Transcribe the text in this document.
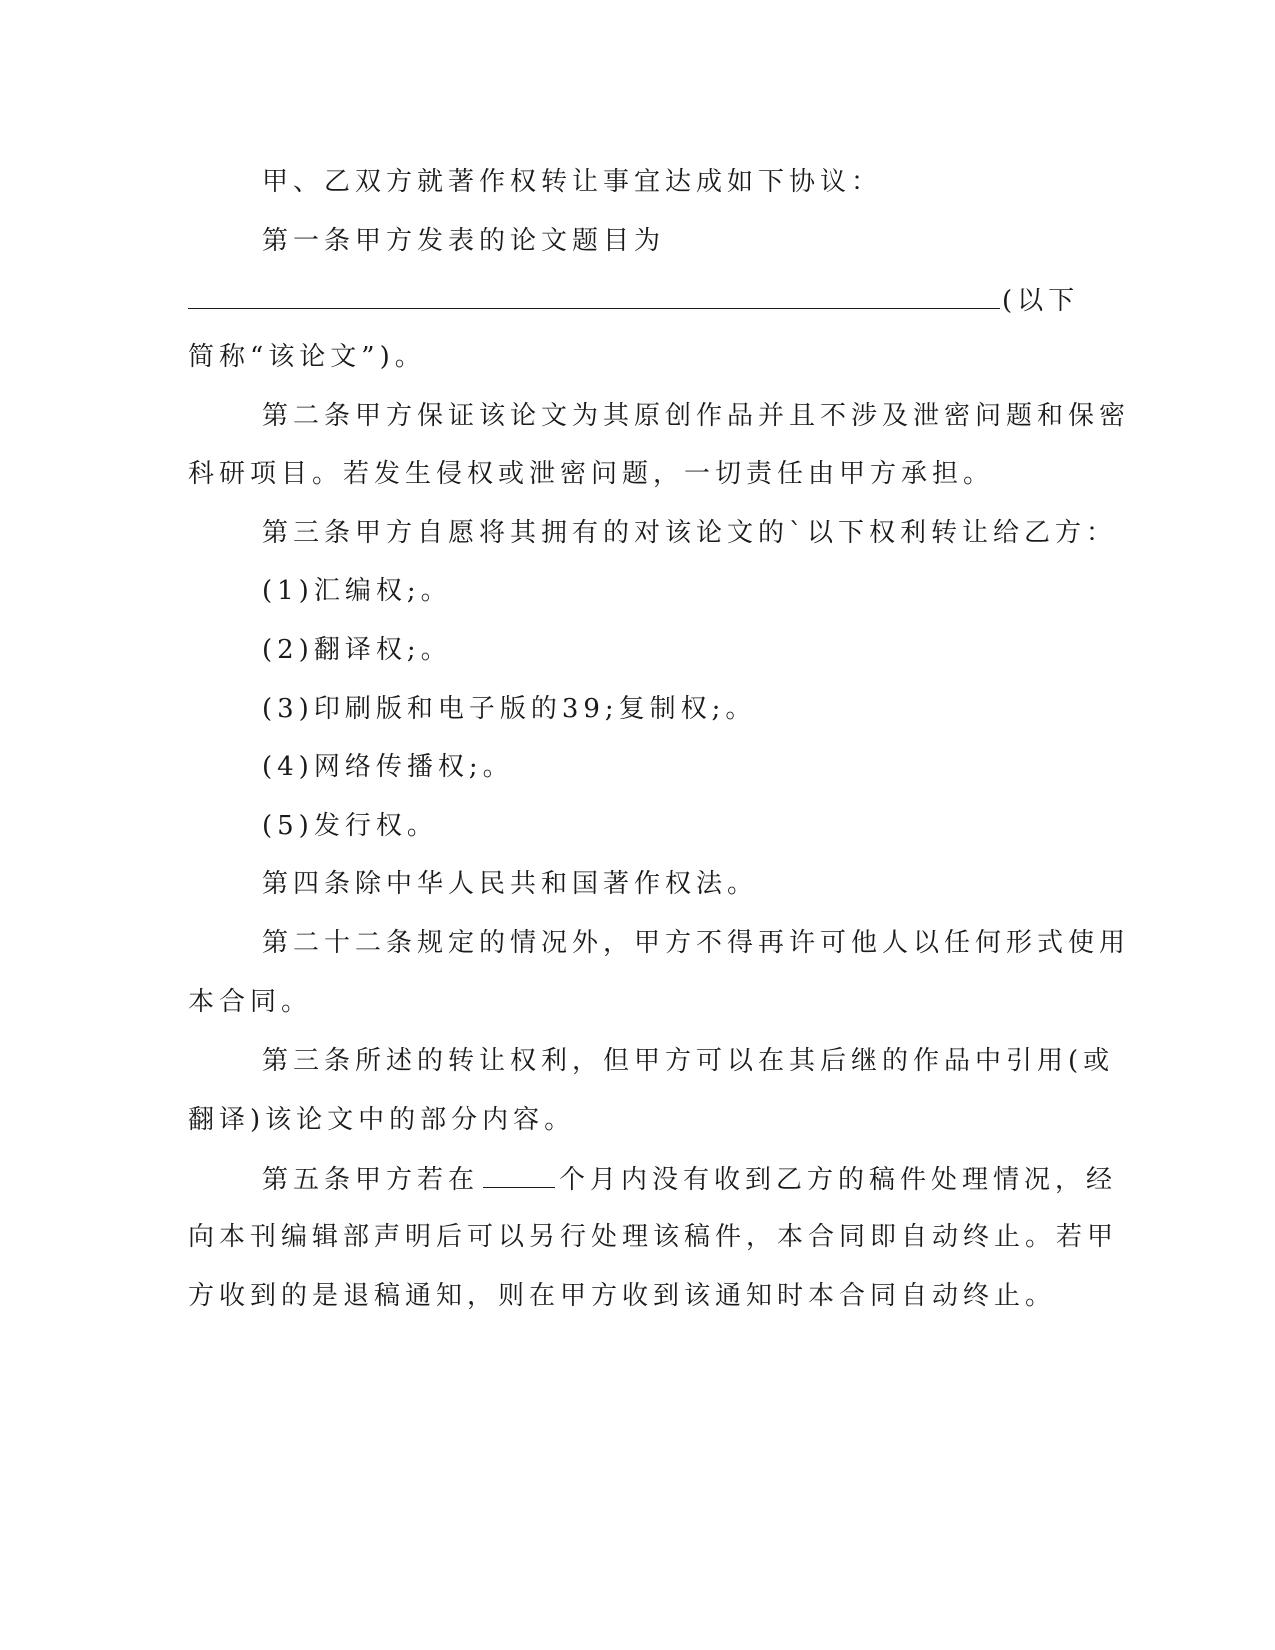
甲、乙双方就著作权转让事宜达成如下协议：
第一条甲方发表的论文题目为
(以下
简称“该论文”)。
第二条甲方保证该论文为其原创作品并且不涉及泄密问题和保密
科研项目。若发生侵权或泄密问题，一切责任由甲方承担。
第三条甲方自愿将其拥有的对该论文的`以下权利转让给乙方：
(1)汇编权;。
(2)翻译权;。
(3)印刷版和电子版的39;复制权;。
(4)网络传播权;。
(5)发行权。
第四条除中华人民共和国著作权法。
第二十二条规定的情况外，甲方不得再许可他人以任何形式使用
本合同。
第三条所述的转让权利，但甲方可以在其后继的作品中引用(或
翻译)该论文中的部分内容。
第五条甲方若在	个月内没有收到乙方的稿件处理情况，经
向本刊编辑部声明后可以另行处理该稿件，本合同即自动终止。若甲
方收到的是退稿通知，则在甲方收到该通知时本合同自动终止。
